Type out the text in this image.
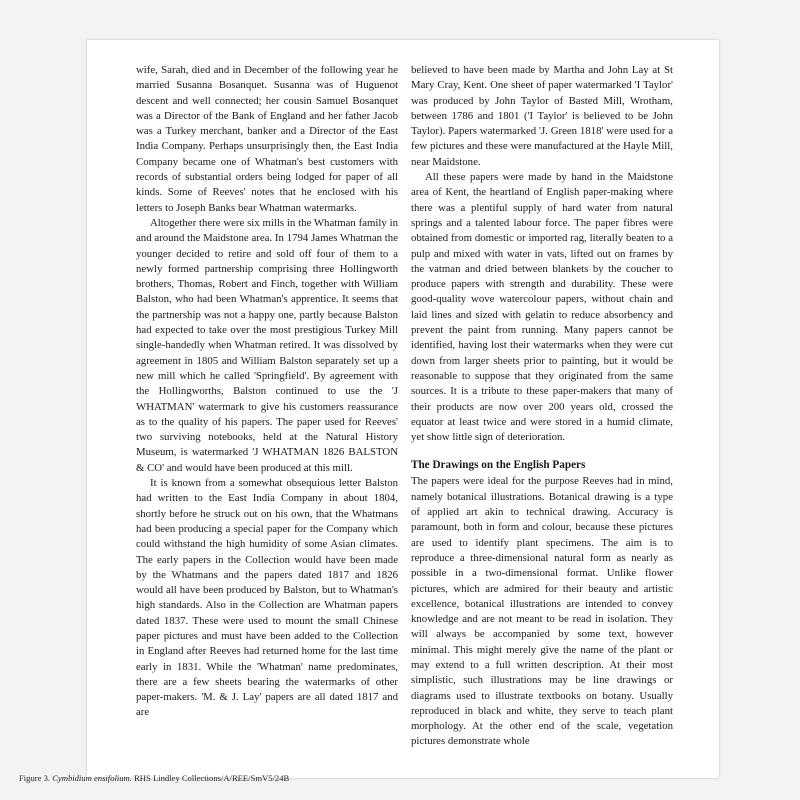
wife, Sarah, died and in December of the following year he married Susanna Bosanquet. Susanna was of Huguenot descent and well connected; her cousin Samuel Bosanquet was a Director of the Bank of England and her father Jacob was a Turkey merchant, banker and a Director of the East India Company. Perhaps unsurprisingly then, the East India Company became one of Whatman's best customers with records of substantial orders being lodged for paper of all kinds. Some of Reeves' notes that he enclosed with his letters to Joseph Banks bear Whatman watermarks.

Altogether there were six mills in the Whatman family in and around the Maidstone area. In 1794 James Whatman the younger decided to retire and sold off four of them to a newly formed partnership comprising three Hollingworth brothers, Thomas, Robert and Finch, together with William Balston, who had been Whatman's apprentice. It seems that the partnership was not a happy one, partly because Balston had expected to take over the most prestigious Turkey Mill single-handedly when Whatman retired. It was dissolved by agreement in 1805 and William Balston separately set up a new mill which he called 'Springfield'. By agreement with the Hollingworths, Balston continued to use the 'J WHATMAN' watermark to give his customers reassurance as to the quality of his papers. The paper used for Reeves' two surviving notebooks, held at the Natural History Museum, is watermarked 'J WHATMAN 1826 BALSTON & CO' and would have been produced at this mill.

It is known from a somewhat obsequious letter Balston had written to the East India Company in about 1804, shortly before he struck out on his own, that the Whatmans had been producing a special paper for the Company which could withstand the high humidity of some Asian climates. The early papers in the Collection would have been made by the Whatmans and the papers dated 1817 and 1826 would all have been produced by Balston, but to Whatman's high standards. Also in the Collection are Whatman papers dated 1837. These were used to mount the small Chinese paper pictures and must have been added to the Collection in England after Reeves had returned home for the last time early in 1831. While the 'Whatman' name predominates, there are a few sheets bearing the watermarks of other paper-makers. 'M. & J. Lay' papers are all dated 1817 and are

believed to have been made by Martha and John Lay at St Mary Cray, Kent. One sheet of paper watermarked 'I Taylor' was produced by John Taylor of Basted Mill, Wrotham, between 1786 and 1801 ('I Taylor' is believed to be John Taylor). Papers watermarked 'J. Green 1818' were used for a few pictures and these were manufactured at the Hayle Mill, near Maidstone.

All these papers were made by hand in the Maidstone area of Kent, the heartland of English paper-making where there was a plentiful supply of hard water from natural springs and a talented labour force. The paper fibres were obtained from domestic or imported rag, literally beaten to a pulp and mixed with water in vats, lifted out on frames by the vatman and dried between blankets by the coucher to produce papers with strength and durability. These were good-quality wove watercolour papers, without chain and laid lines and sized with gelatin to reduce absorbency and prevent the paint from running. Many papers cannot be identified, having lost their watermarks when they were cut down from larger sheets prior to painting, but it would be reasonable to suppose that they originated from the same sources. It is a tribute to these paper-makers that many of their products are now over 200 years old, crossed the equator at least twice and were stored in a humid climate, yet show little sign of deterioration.

The Drawings on the English Papers

The papers were ideal for the purpose Reeves had in mind, namely botanical illustrations. Botanical drawing is a type of applied art akin to technical drawing. Accuracy is paramount, both in form and colour, because these pictures are used to identify plant specimens. The aim is to reproduce a three-dimensional natural form as nearly as possible in a two-dimensional format. Unlike flower pictures, which are admired for their beauty and artistic excellence, botanical illustrations are intended to convey knowledge and are not meant to be read in isolation. They will always be accompanied by some text, however minimal. This might merely give the name of the plant or may extend to a full written description. At their most simplistic, such illustrations may be line drawings or diagrams used to illustrate textbooks on botany. Usually reproduced in black and white, they serve to teach plant morphology. At the other end of the scale, vegetation pictures demonstrate whole

Figure 3. Cymbidium ensifolium. RHS Lindley Collections/A/REE/SmV5/24B
